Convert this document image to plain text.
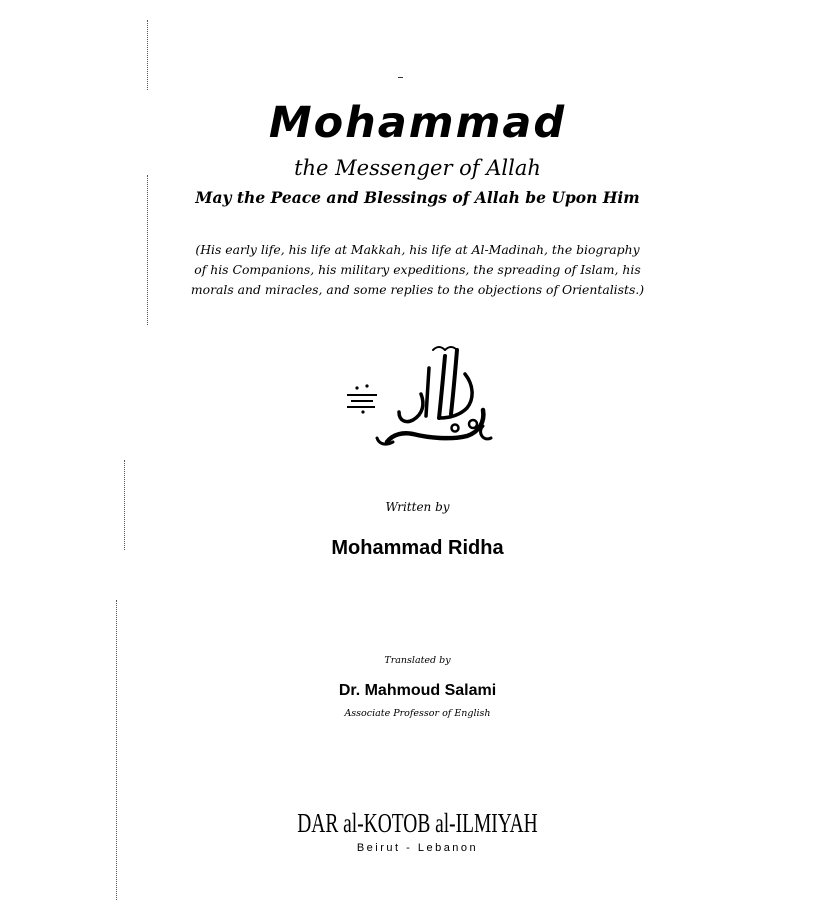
Mohammad
the Messenger of Allah
May the Peace and Blessings of Allah be Upon Him
(His early life, his life at Makkah, his life at Al-Madinah, the biography
of his Companions, his military expeditions, the spreading of Islam, his
morals and miracles, and some replies to the objections of Orientalists.)
Written by
Mohammad Ridha
Translated by
Dr. Mahmoud Salami
Associate Professor of English
DAR al-KOTOB al-ILMIYAH
Beirut - Lebanon
